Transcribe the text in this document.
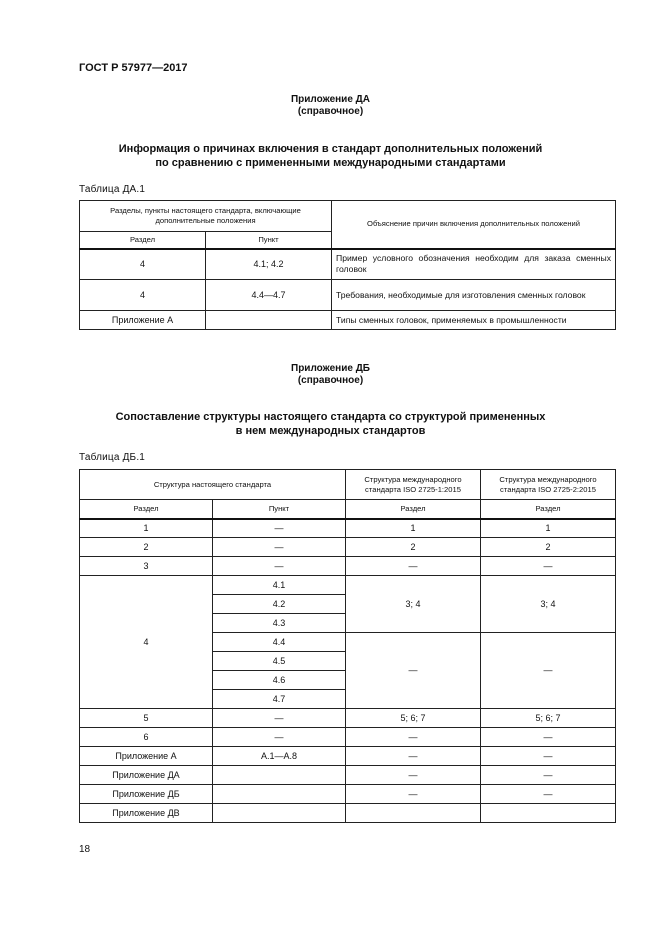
ГОСТ Р 57977—2017
Приложение ДА
(справочное)
Информация о причинах включения в стандарт дополнительных положений
по сравнению с примененными международными стандартами
Таблица ДА.1
Разделы, пункты настоящего стандарта, включающие дополнительные положения		Объяснение причин включения дополнительных положений
Раздел	Пункт	
4	4.1; 4.2	Пример условного обозначения необходим для заказа сменных головок
4	4.4—4.7	Требования, необходимые для изготовления сменных головок
Приложение А		Типы сменных головок, применяемых в промышленности
Приложение ДБ
(справочное)
Сопоставление структуры настоящего стандарта со структурой примененных
в нем международных стандартов
Таблица ДБ.1
Структура настоящего стандарта		Структура международного стандарта ISO 2725-1:2015	Структура международного стандарта ISO 2725-2:2015
Раздел	Пункт	Раздел	Раздел
1	—	1	1
2	—	2	2
3	—	—	—
4	4.1	3; 4	3; 4
	4.2		
	4.3		
	4.4	—	—
	4.5		
	4.6		
	4.7		
5	—	5; 6; 7	5; 6; 7
6	—	—	—
Приложение А	А.1—А.8	—	—
Приложение ДА		—	—
Приложение ДБ		—	—
Приложение ДВ			
18
